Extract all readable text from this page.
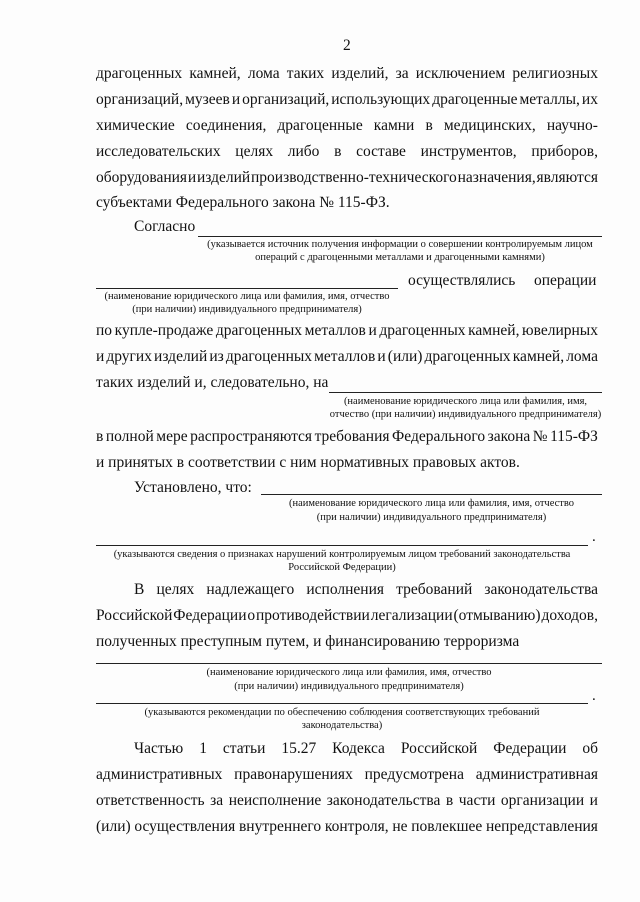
2
драгоценных камней, лома таких изделий, за исключением религиозных
организаций, музеев и организаций, использующих драгоценные металлы, их
химические соединения, драгоценные камни в медицинских, научно-
исследовательских целях либо в составе инструментов, приборов,
оборудования и изделий производственно-технического назначения, являются
субъектами Федерального закона № 115-ФЗ.
Согласно
(указывается источник получения информации о совершении контролируемым лицом
операций с драгоценными металлами и драгоценными камнями)
осуществлялись операции
(наименование юридического лица или фамилия, имя, отчество
(при наличии) индивидуального предпринимателя)
по купле-продаже драгоценных металлов и драгоценных камней, ювелирных
и других изделий из драгоценных металлов и (или) драгоценных камней, лома
таких изделий и, следовательно, на
(наименование юридического лица или фамилия, имя,
отчество (при наличии) индивидуального предпринимателя)
в полной мере распространяются требования Федерального закона № 115-ФЗ
и принятых в соответствии с ним нормативных правовых актов.
Установлено, что:
(наименование юридического лица или фамилия, имя, отчество
(при наличии) индивидуального предпринимателя)
.
(указываются сведения о признаках нарушений контролируемым лицом требований законодательства
Российской Федерации)
В целях надлежащего исполнения требований законодательства
Российской Федерации о противодействии легализации (отмыванию) доходов,
полученных преступным путем, и финансированию терроризма
(наименование юридического лица или фамилия, имя, отчество
(при наличии) индивидуального предпринимателя)
.
(указываются рекомендации по обеспечению соблюдения соответствующих требований
законодательства)
Частью 1 статьи 15.27 Кодекса Российской Федерации об
административных правонарушениях предусмотрена административная
ответственность за неисполнение законодательства в части организации и
(или) осуществления внутреннего контроля, не повлекшее непредставления
